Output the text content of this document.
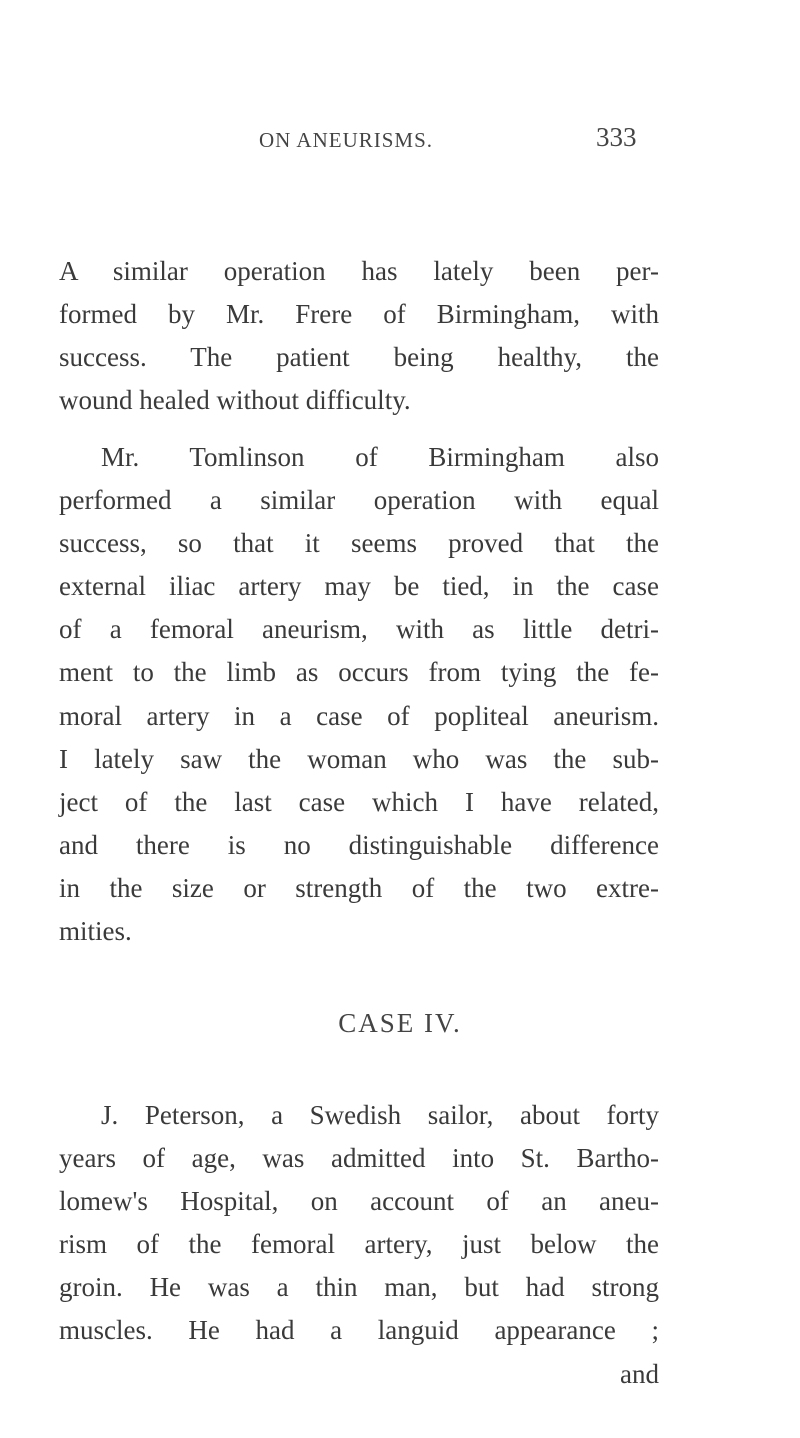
ON ANEURISMS.	333
A similar operation has lately been per-
formed by Mr. Frere of Birmingham, with
success. The patient being healthy, the
wound healed without difficulty.
Mr. Tomlinson of Birmingham also
performed a similar operation with equal
success, so that it seems proved that the
external iliac artery may be tied, in the case
of a femoral aneurism, with as little detri-
ment to the limb as occurs from tying the fe-
moral artery in a case of popliteal aneurism.
I lately saw the woman who was the sub-
ject of the last case which I have related,
and there is no distinguishable difference
in the size or strength of the two extre-
mities.
CASE IV.
J. Peterson, a Swedish sailor, about forty
years of age, was admitted into St. Bartho-
lomew's Hospital, on account of an aneu-
rism of the femoral artery, just below the
groin. He was a thin man, but had strong
muscles. He had a languid appearance ;
and
